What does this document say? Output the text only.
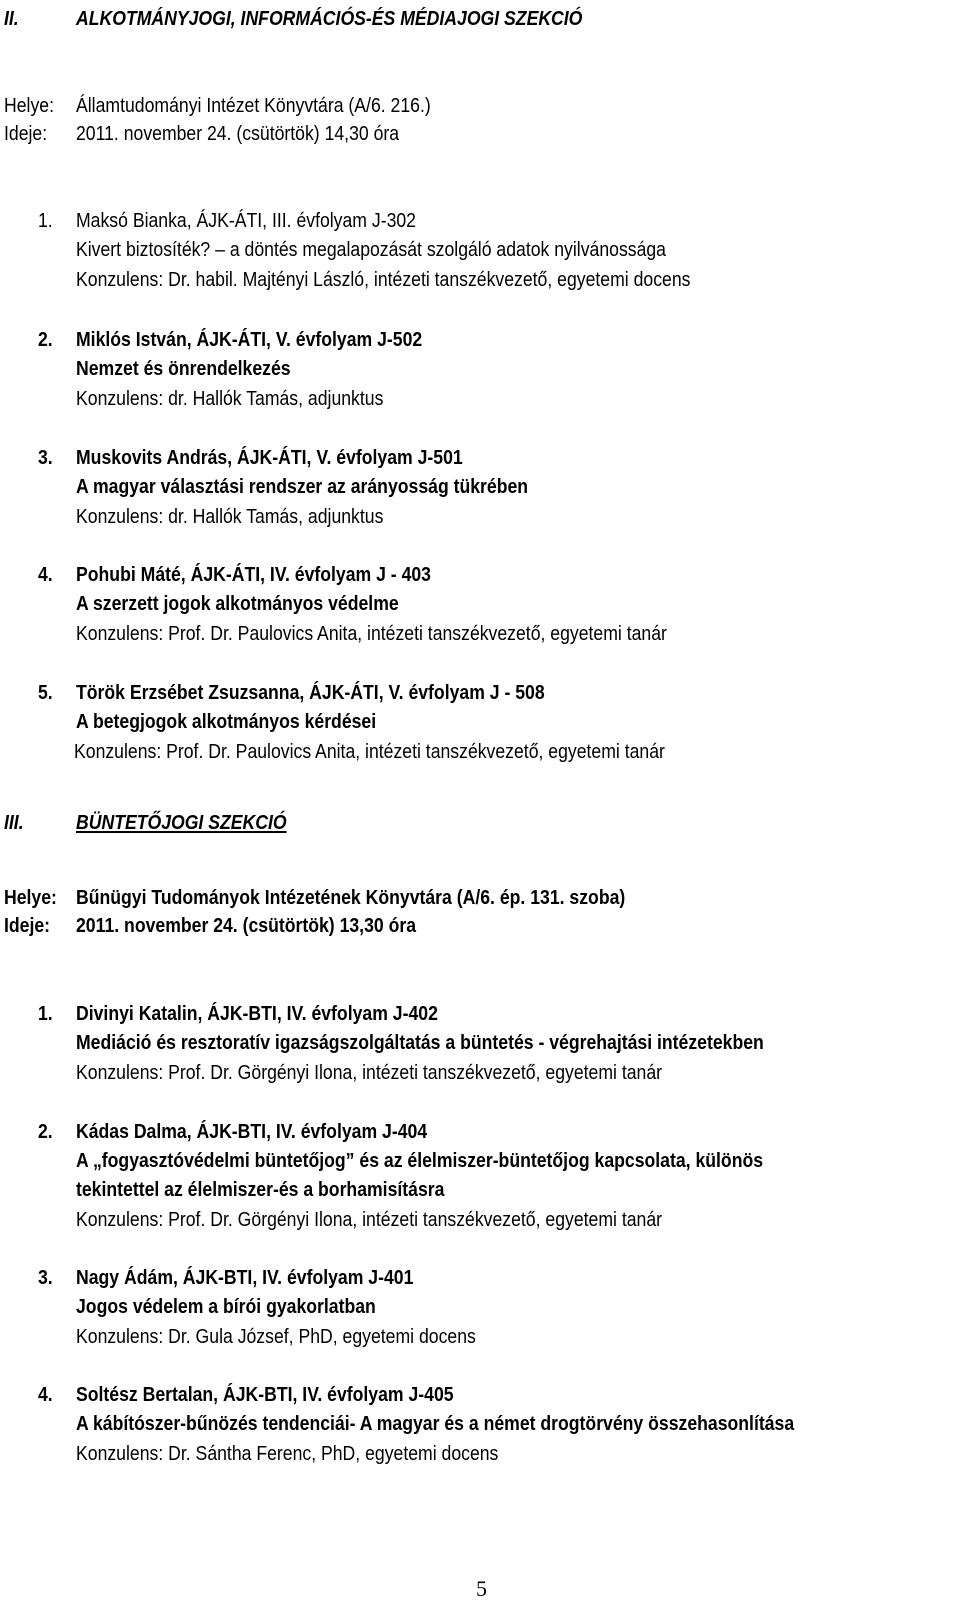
II.	ALKOTMÁNYJOGI, INFORMÁCIÓS-ÉS MÉDIAJOGI SZEKCIÓ
Helye: Államtudományi Intézet Könyvtára (A/6. 216.)
Ideje: 2011. november 24. (csütörtök) 14,30 óra
1. Maksó Bianka, ÁJK-ÁTI, III. évfolyam J-302
Kivert biztosíték? – a döntés megalapozását szolgáló adatok nyilvánossága
Konzulens: Dr. habil. Majtényi László, intézeti tanszékvezető, egyetemi docens
2. Miklós István, ÁJK-ÁTI, V. évfolyam J-502
Nemzet és önrendelkezés
Konzulens: dr. Hallók Tamás, adjunktus
3. Muskovits András, ÁJK-ÁTI, V. évfolyam J-501
A magyar választási rendszer az arányosság tükrében
Konzulens: dr. Hallók Tamás, adjunktus
4. Pohubi Máté, ÁJK-ÁTI, IV. évfolyam J - 403
A szerzett jogok alkotmányos védelme
Konzulens: Prof. Dr. Paulovics Anita, intézeti tanszékvezető, egyetemi tanár
5. Török Erzsébet Zsuzsanna, ÁJK-ÁTI, V. évfolyam J - 508
A betegjogok alkotmányos kérdései
Konzulens: Prof. Dr. Paulovics Anita, intézeti tanszékvezető, egyetemi tanár
III.	BÜNTETŐJOGI SZEKCIÓ
Helye: Bűnügyi Tudományok Intézetének Könyvtára (A/6. ép. 131. szoba)
Ideje: 2011. november 24. (csütörtök) 13,30 óra
1. Divinyi Katalin, ÁJK-BTI, IV. évfolyam J-402
Mediáció és resztoratív igazságszolgáltatás a büntetés - végrehajtási intézetekben
Konzulens: Prof. Dr. Görgényi Ilona, intézeti tanszékvezető, egyetemi tanár
2. Kádas Dalma, ÁJK-BTI, IV. évfolyam J-404
A „fogyasztóvédelmi büntetőjog” és az élelmiszer-büntetőjog kapcsolata, különös
tekintettel az élelmiszer-és a borhamisításra
Konzulens: Prof. Dr. Görgényi Ilona, intézeti tanszékvezető, egyetemi tanár
3. Nagy Ádám, ÁJK-BTI, IV. évfolyam J-401
Jogos védelem a bírói gyakorlatban
Konzulens: Dr. Gula József, PhD, egyetemi docens
4. Soltész Bertalan, ÁJK-BTI, IV. évfolyam J-405
A kábítószer-bűnözés tendenciái- A magyar és a német drogtörvény összehasonlítása
Konzulens: Dr. Sántha Ferenc, PhD, egyetemi docens
5
